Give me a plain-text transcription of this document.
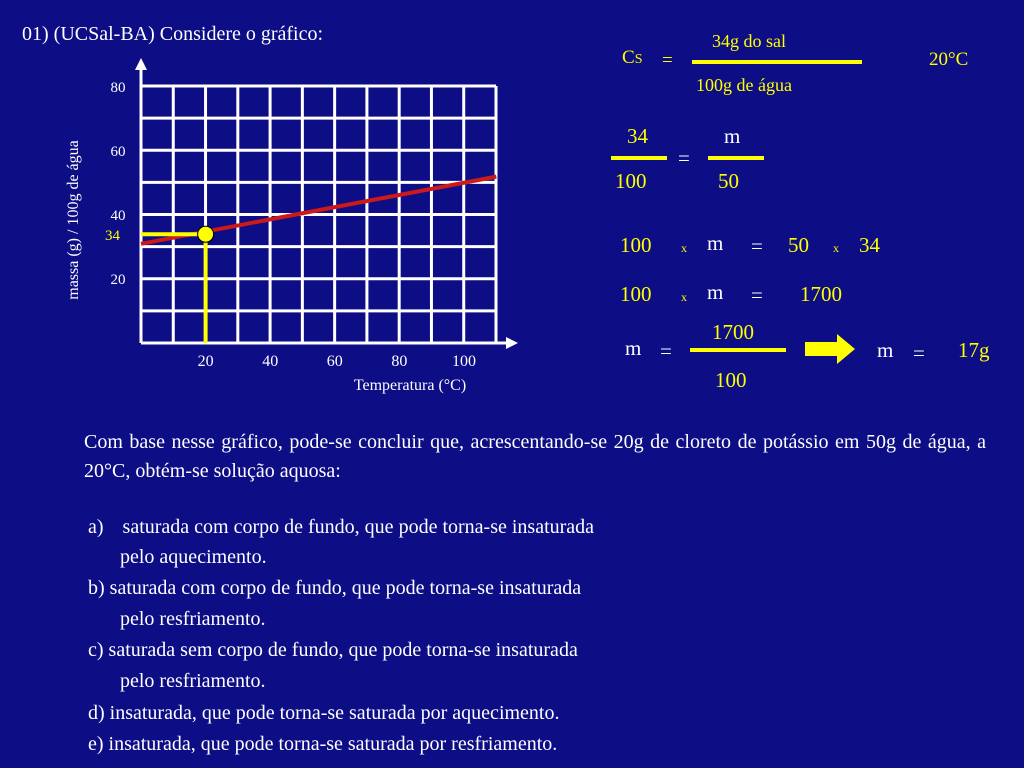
01) (UCSal-BA) Considere o gráfico:
34
20	40	60	80	100
20
40
60
80
Temperatura (°C)
massa (g) / 100g de água
CS =
34g do sal
100g de água
20°C
34
100
=
m
50
100 x m = 50 x 34
100 x m = 1700
m =
1700
100
m = 17g
Com base nesse gráfico, pode-se concluir que, acrescentando-se 20g de cloreto de potássio em 50g de água, a 20°C, obtém-se solução aquosa:
a) saturada com corpo de fundo, que pode torna-se insaturada
pelo aquecimento.
b) saturada com corpo de fundo, que pode torna-se insaturada
pelo resfriamento.
c) saturada sem corpo de fundo, que pode torna-se insaturada
pelo resfriamento.
d) insaturada, que pode torna-se saturada por aquecimento.
e) insaturada, que pode torna-se saturada por resfriamento.
